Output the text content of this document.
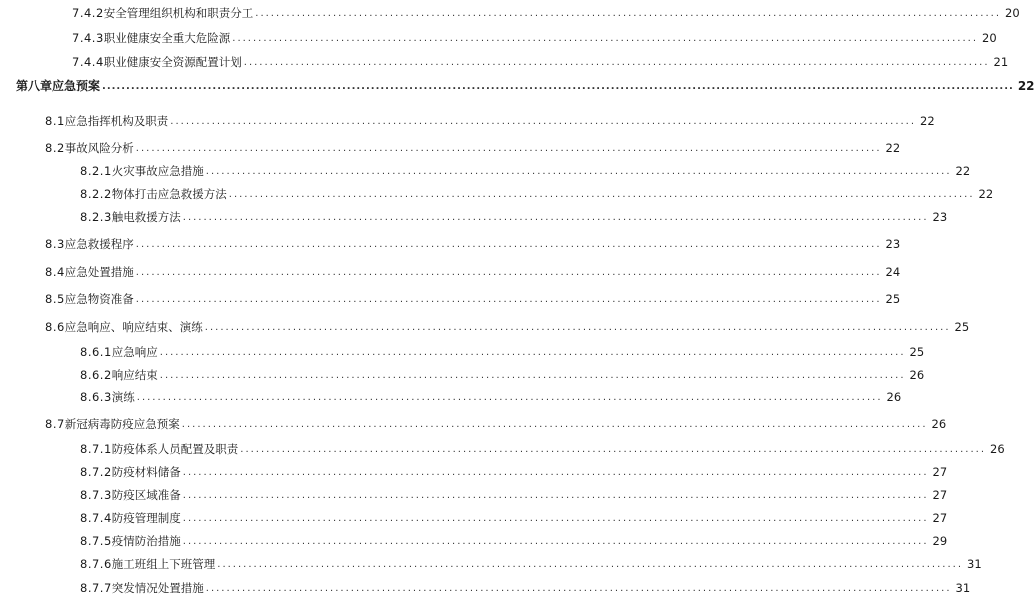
7.4.2 安全管理组织机构和职责分工 ................................................................................................................................................ 20
7.4.3 职业健康安全重大危险源 ................................................................................................................................................ 20
7.4.4 职业健康安全资源配置计划 ................................................................................................................................................ 21
第八章 应急预案 .............................................................................................................................................................................................. 22
8.1 应急指挥机构及职责 ................................................................................................................................................ 22
8.2 事故风险分析 ................................................................................................................................................ 22
8.2.1 火灾事故应急措施 ................................................................................................................................................ 22
8.2.2 物体打击应急救援方法 ................................................................................................................................................ 22
8.2.3 触电救援方法 ................................................................................................................................................ 23
8.3 应急救援程序 ................................................................................................................................................ 23
8.4 应急处置措施 ................................................................................................................................................ 24
8.5 应急物资准备 ................................................................................................................................................ 25
8.6 应急响应、响应结束、演练 ................................................................................................................................................ 25
8.6.1 应急响应 ................................................................................................................................................ 25
8.6.2 响应结束 ................................................................................................................................................ 26
8.6.3 演练 ................................................................................................................................................ 26
8.7 新冠病毒防疫应急预案 ................................................................................................................................................ 26
8.7.1 防疫体系人员配置及职责 ................................................................................................................................................ 26
8.7.2 防疫材料储备 ................................................................................................................................................ 27
8.7.3 防疫区域准备 ................................................................................................................................................ 27
8.7.4 防疫管理制度 ................................................................................................................................................ 27
8.7.5 疫情防治措施 ................................................................................................................................................ 29
8.7.6 施工班组上下班管理 ................................................................................................................................................ 31
8.7.7 突发情况处置措施 ................................................................................................................................................ 31
